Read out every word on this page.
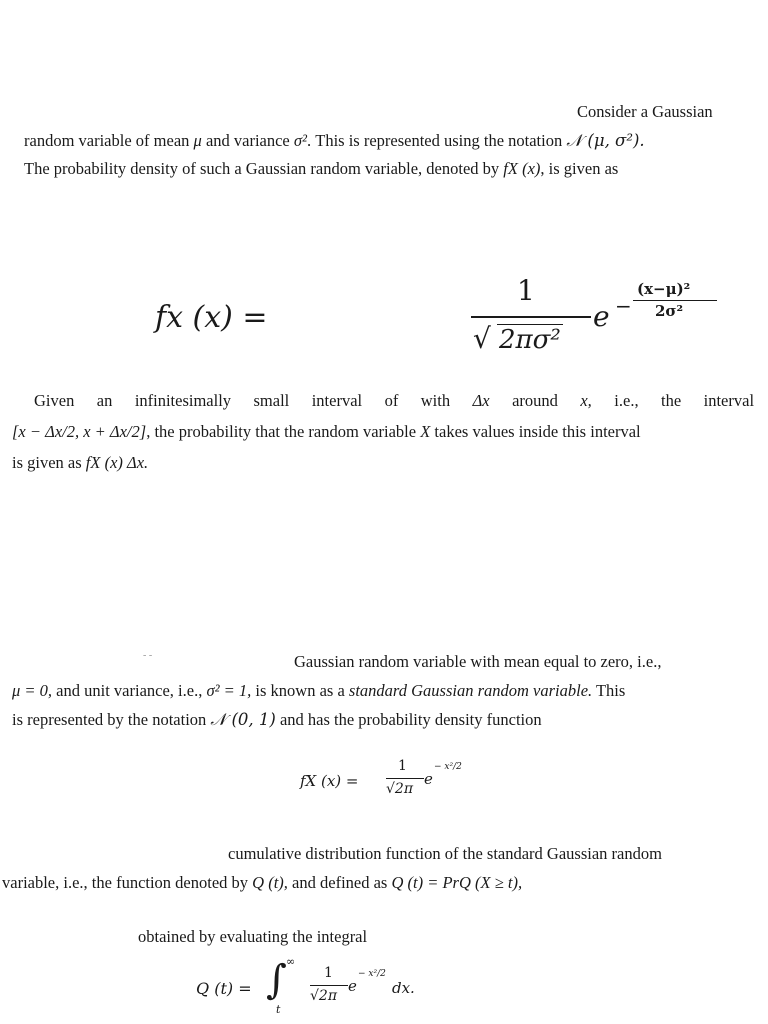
Consider a Gaussian
random variable of mean μ and variance σ². This is represented using the notation 𝒩 (μ, σ²).
The probability density of such a Gaussian random variable, denoted by fX (x), is given as
fx (x) =
1
√ 2πσ²
e −
(x−μ)²
2σ²
Given an infinitesimally small interval of with Δx around x, i.e., the interval
[x − Δx/2, x + Δx/2], the probability that the random variable X takes values inside this interval
is given as fX (x) Δx.
- -	Gaussian random variable with mean equal to zero, i.e.,
μ = 0, and unit variance, i.e., σ² = 1, is known as a standard Gaussian random variable. This
is represented by the notation 𝒩 (0, 1) and has the probability density function
fX (x) =
1
√2π
e
− x²/2
cumulative distribution function of the standard Gaussian random
variable, i.e., the function denoted by Q (t), and defined as Q (t) = PrQ (X ≥ t),
obtained by evaluating the integral
Q (t) = ∫ ∞
t
1
√2π
e
− x²/2
dx.
